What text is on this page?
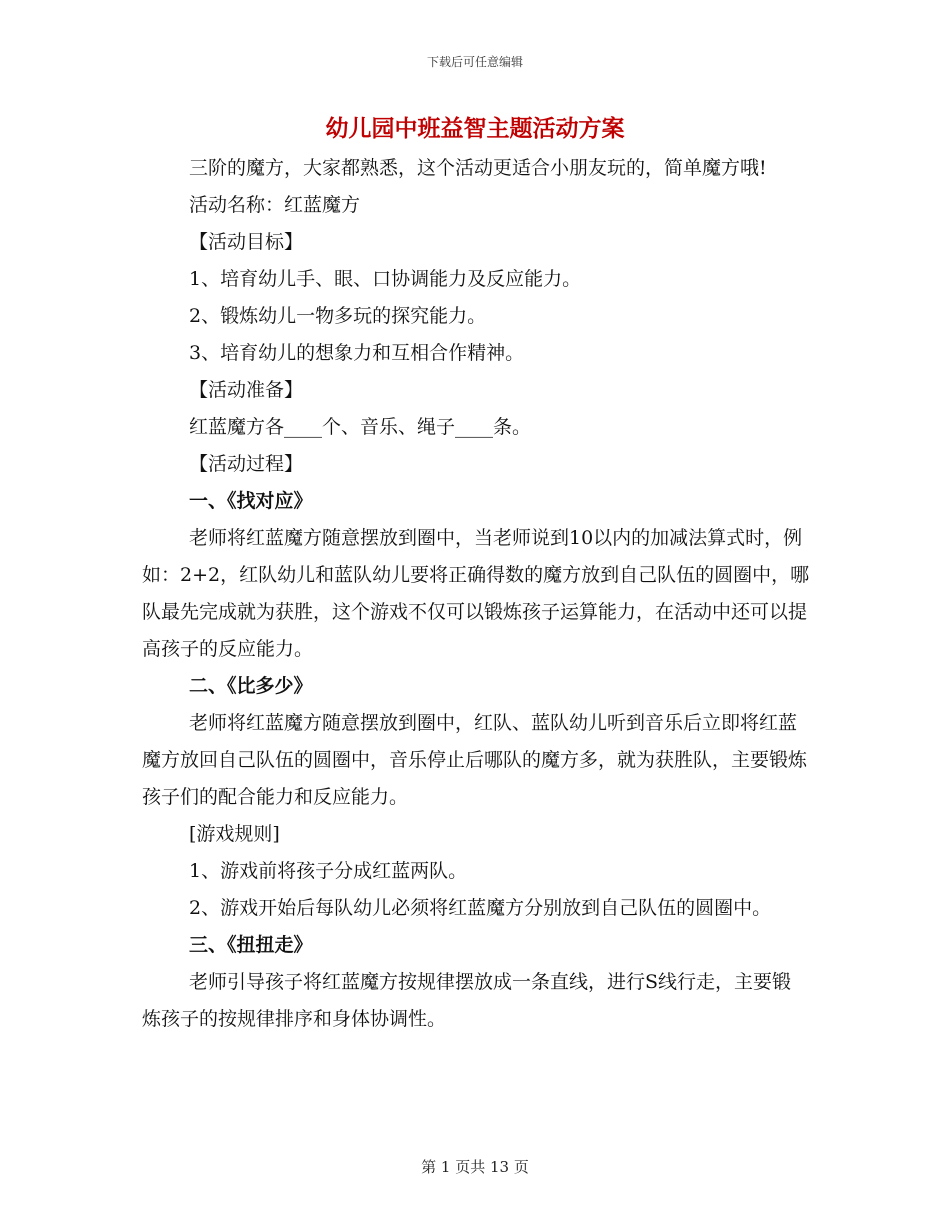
下载后可任意编辑
幼儿园中班益智主题活动方案

三阶的魔方，大家都熟悉，这个活动更适合小朋友玩的，简单魔方哦!

活动名称：红蓝魔方

【活动目标】

1、培育幼儿手、眼、口协调能力及反应能力。

2、锻炼幼儿一物多玩的探究能力。

3、培育幼儿的想象力和互相合作精神。

【活动准备】

红蓝魔方各____个、音乐、绳子____条。

【活动过程】

一、《找对应》

老师将红蓝魔方随意摆放到圈中，当老师说到10以内的加减法算式时，例如：2+2，红队幼儿和蓝队幼儿要将正确得数的魔方放到自己队伍的圆圈中，哪队最先完成就为获胜，这个游戏不仅可以锻炼孩子运算能力，在活动中还可以提高孩子的反应能力。

二、《比多少》

老师将红蓝魔方随意摆放到圈中，红队、蓝队幼儿听到音乐后立即将红蓝魔方放回自己队伍的圆圈中，音乐停止后哪队的魔方多，就为获胜队，主要锻炼孩子们的配合能力和反应能力。

[游戏规则]

1、游戏前将孩子分成红蓝两队。

2、游戏开始后每队幼儿必须将红蓝魔方分别放到自己队伍的圆圈中。

三、《扭扭走》

老师引导孩子将红蓝魔方按规律摆放成一条直线，进行S线行走，主要锻炼孩子的按规律排序和身体协调性。

第 1 页共 13 页
